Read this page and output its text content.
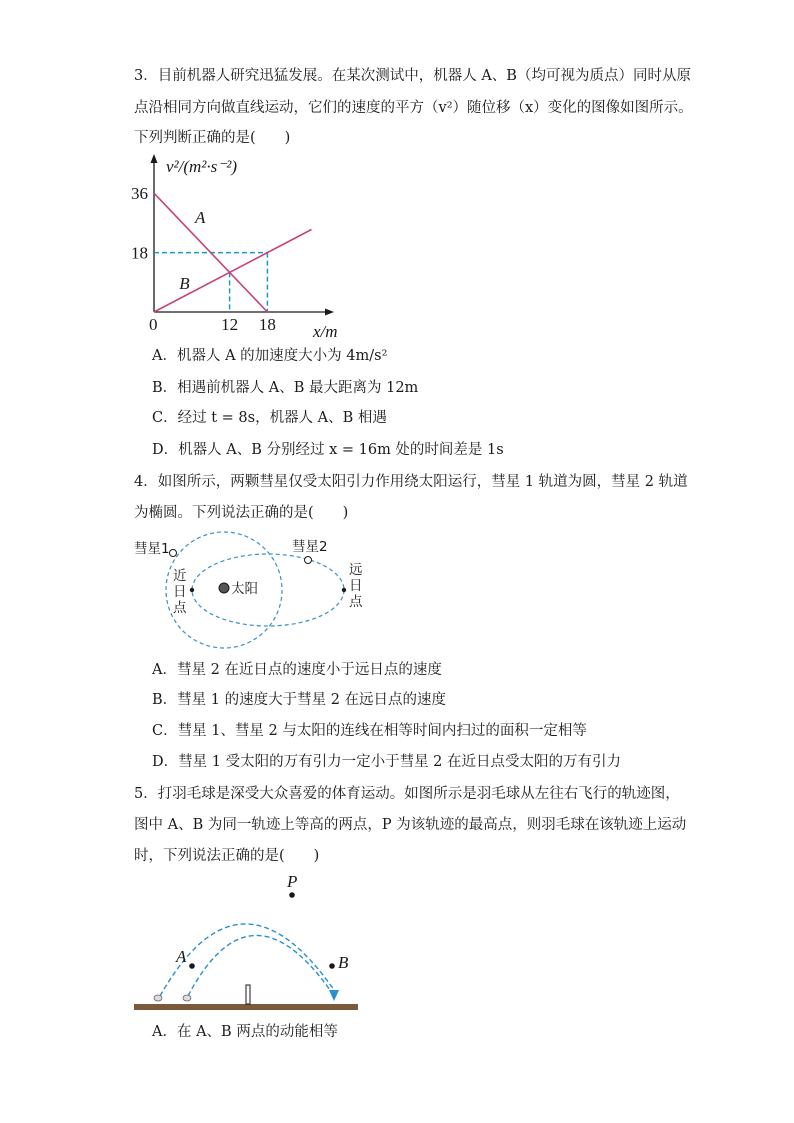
3．目前机器人研究迅猛发展。在某次测试中，机器人 A、B（均可视为质点）同时从原
点沿相同方向做直线运动，它们的速度的平方（v²）随位移（x）变化的图像如图所示。
下列判断正确的是(　　)
v²/(m²·s⁻²)
x/m
0
A
B
12 18
18
36
A．机器人 A 的加速度大小为 4m/s²
B．相遇前机器人 A、B 最大距离为 12m
C．经过 t = 8s，机器人 A、B 相遇
D．机器人 A、B 分别经过 x = 16m 处的时间差是 1s
4．如图所示，两颗彗星仅受太阳引力作用绕太阳运行，彗星 1 轨道为圆，彗星 2 轨道
为椭圆。下列说法正确的是(　　)
彗星1	彗星2
太阳
近
日
点
远
日
点
A．彗星 2 在近日点的速度小于远日点的速度
B．彗星 1 的速度大于彗星 2 在远日点的速度
C．彗星 1、彗星 2 与太阳的连线在相等时间内扫过的面积一定相等
D．彗星 1 受太阳的万有引力一定小于彗星 2 在近日点受太阳的万有引力
5．打羽毛球是深受大众喜爱的体育运动。如图所示是羽毛球从左往右飞行的轨迹图，
图中 A、B 为同一轨迹上等高的两点，P 为该轨迹的最高点，则羽毛球在该轨迹上运动
时，下列说法正确的是(　　)
P
A	B
A．在 A、B 两点的动能相等
